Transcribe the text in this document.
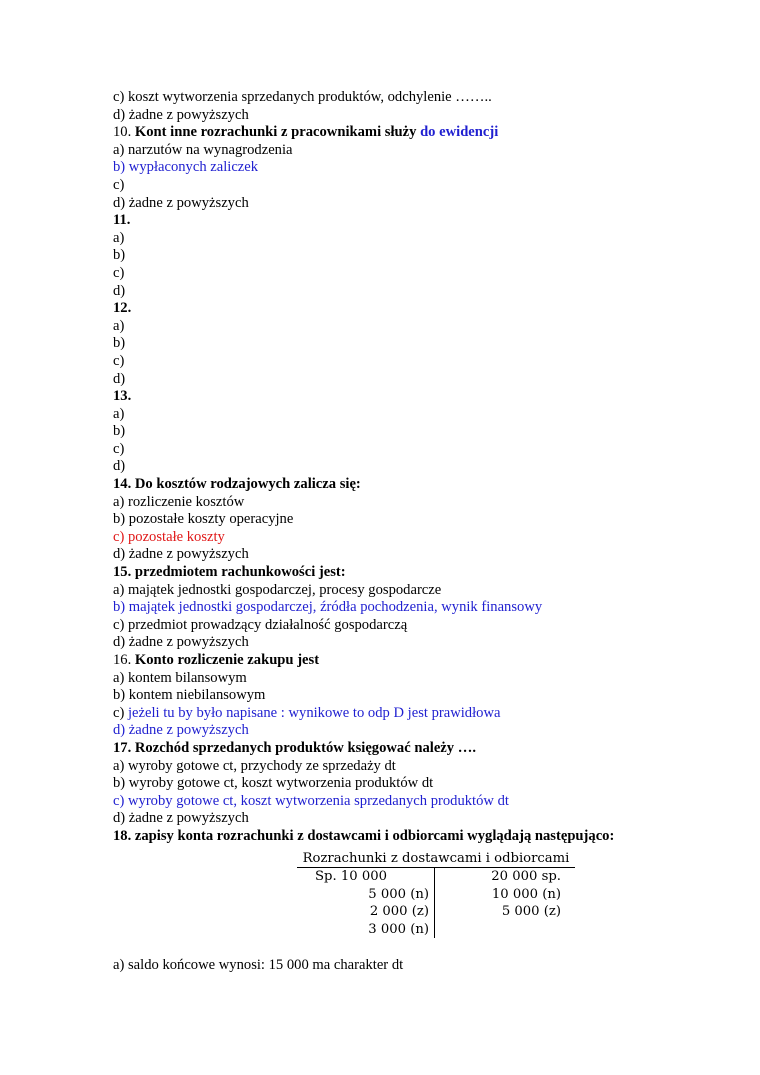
c) koszt wytworzenia sprzedanych produktów, odchylenie ……..
d) żadne z powyższych
10. Kont inne rozrachunki z pracownikami służy do ewidencji
a) narzutów na wynagrodzenia
b) wypłaconych zaliczek
c)
d) żadne z powyższych
11.
a)
b)
c)
d)
12.
a)
b)
c)
d)
13.
a)
b)
c)
d)
14. Do kosztów rodzajowych zalicza się:
a) rozliczenie kosztów
b) pozostałe koszty operacyjne
c) pozostałe koszty
d) żadne z powyższych
15. przedmiotem rachunkowości jest:
a) majątek jednostki gospodarczej, procesy gospodarcze
b) majątek jednostki gospodarczej, źródła pochodzenia, wynik finansowy
c) przedmiot prowadzący działalność gospodarczą
d) żadne z powyższych
16. Konto rozliczenie zakupu jest
a) kontem bilansowym
b) kontem niebilansowym
c) jeżeli tu by było napisane : wynikowe to odp D jest prawidłowa
d) żadne z powyższych
17. Rozchód sprzedanych produktów księgować należy ….
a) wyroby gotowe ct, przychody ze sprzedaży dt
b) wyroby gotowe ct, koszt wytworzenia produktów dt
c) wyroby gotowe ct, koszt wytworzenia sprzedanych produktów dt
d) żadne z powyższych
18. zapisy konta rozrachunki z dostawcami i odbiorcami wyglądają następująco:
Rozrachunki z dostawcami i odbiorcami
Sp. 10 000
5 000 (n)
2 000 (z)
3 000 (n)
20 000 sp.
10 000 (n)
5 000 (z)
a) saldo końcowe wynosi: 15 000 ma charakter dt
